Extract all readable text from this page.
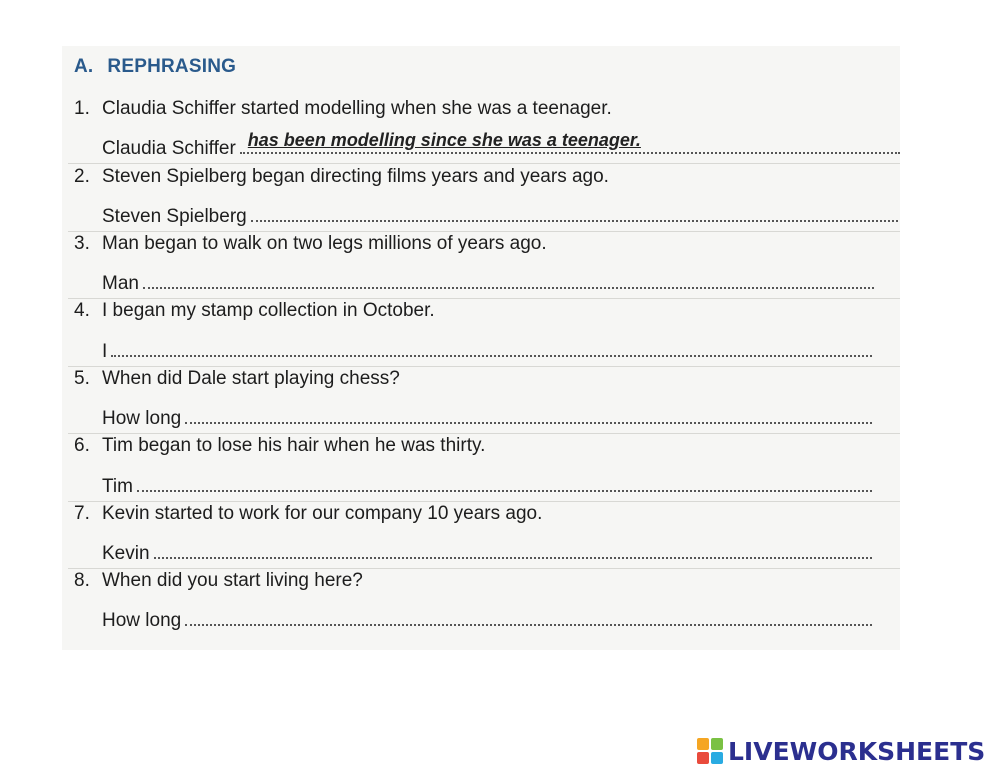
A. REPHRASING
1. Claudia Schiffer started modelling when she was a teenager.
Claudia Schiffer has been modelling since she was a teenager.
2. Steven Spielberg began directing films years and years ago.
Steven Spielberg
3. Man began to walk on two legs millions of years ago.
Man
4. I began my stamp collection in October.
I
5. When did Dale start playing chess?
How long
6. Tim began to lose his hair when he was thirty.
Tim
7. Kevin started to work for our company 10 years ago.
Kevin
8. When did you start living here?
How long
LIVEWORKSHEETS
